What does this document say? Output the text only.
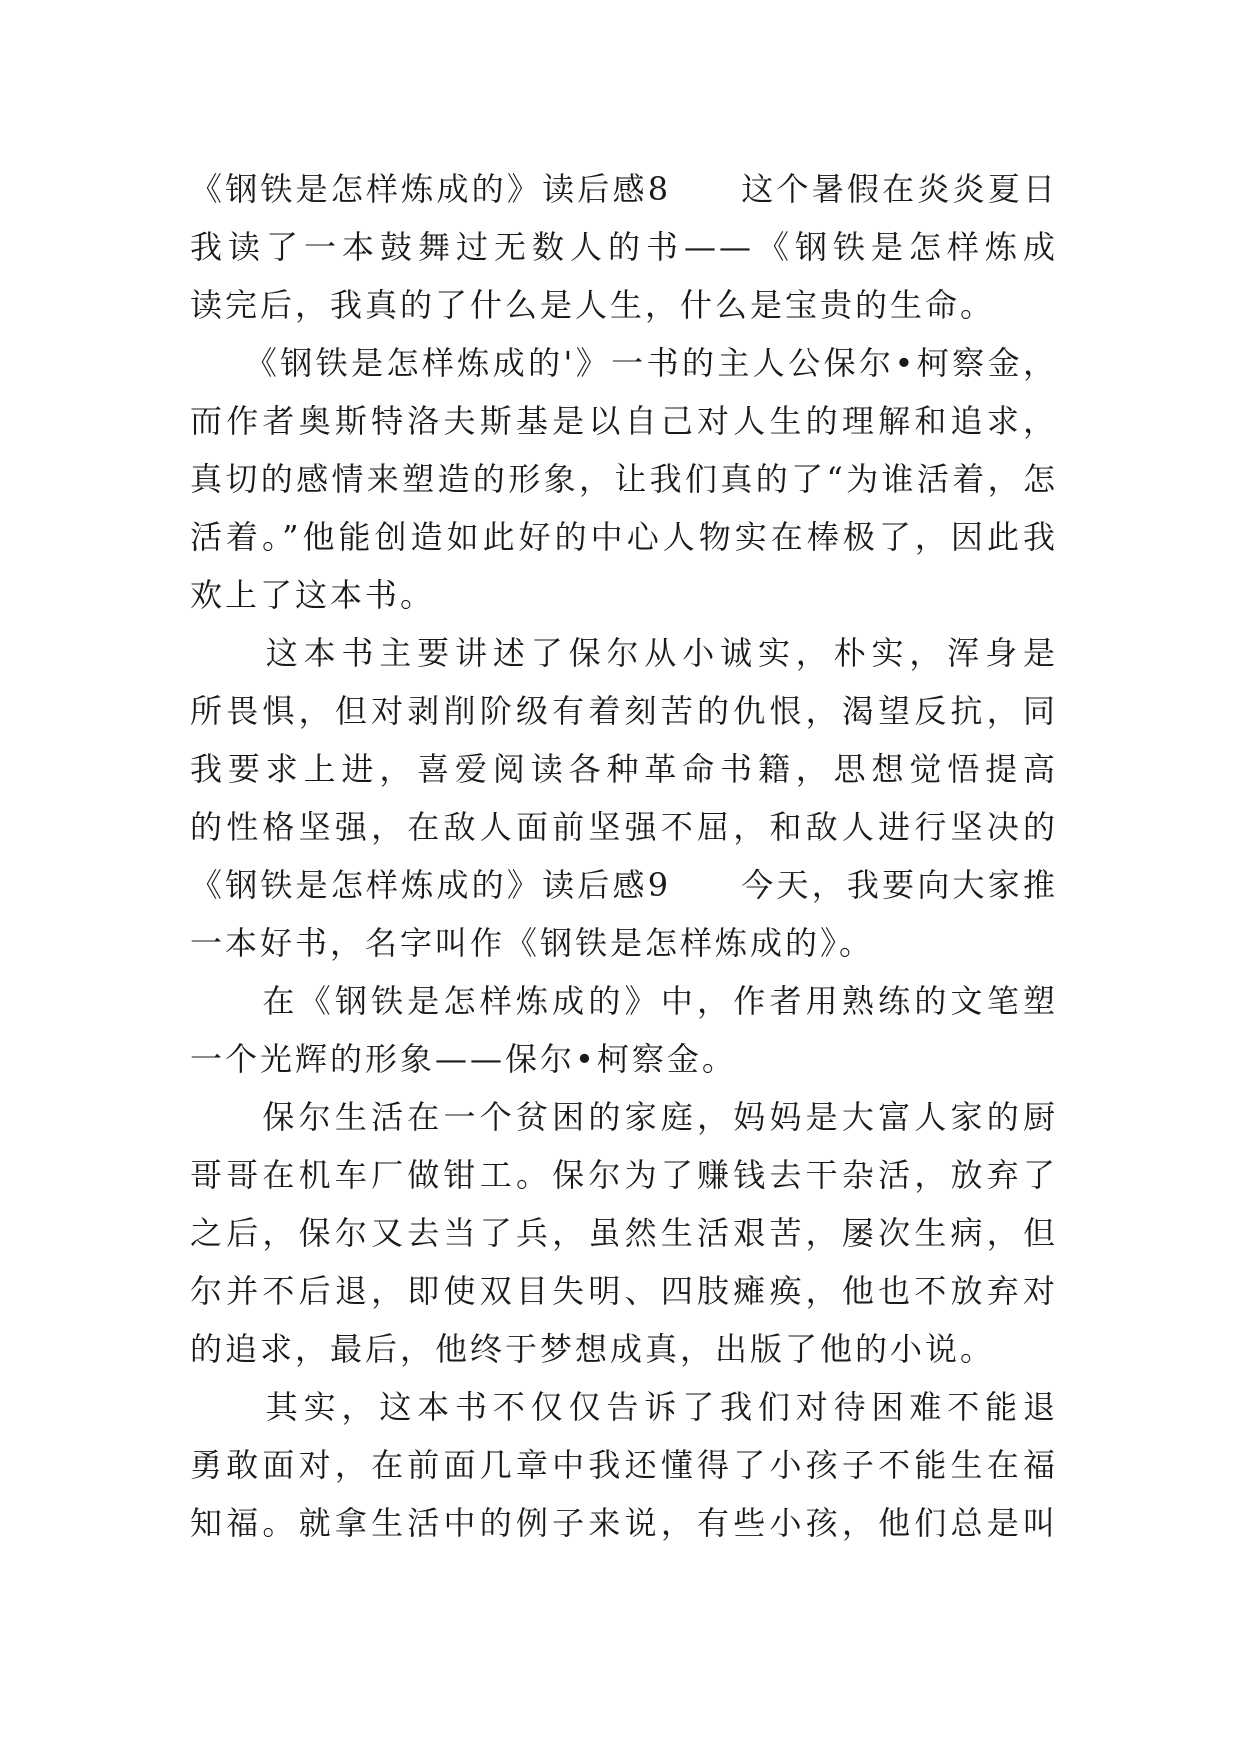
《钢铁是怎样炼成的》读后感8 这个暑假在炎炎夏日
我读了一本鼓舞过无数人的书——《钢铁是怎样炼成
读完后，我真的了什么是人生，什么是宝贵的生命。
　　《钢铁是怎样炼成的'》一书的主人公保尔•柯察金，
而作者奥斯特洛夫斯基是以自己对人生的理解和追求，
真切的感情来塑造的形象，让我们真的了“为谁活着，怎
活着。”他能创造如此好的中心人物实在棒极了，因此我
欢上了这本书。
　　这本书主要讲述了保尔从小诚实，朴实，浑身是
所畏惧，但对剥削阶级有着刻苦的仇恨，渴望反抗，同
我要求上进，喜爱阅读各种革命书籍，思想觉悟提高
的性格坚强，在敌人面前坚强不屈，和敌人进行坚决的
《钢铁是怎样炼成的》读后感9 今天，我要向大家推
一本好书，名字叫作《钢铁是怎样炼成的》。
　　在《钢铁是怎样炼成的》中，作者用熟练的文笔塑
一个光辉的形象——保尔•柯察金。
　　保尔生活在一个贫困的家庭，妈妈是大富人家的厨
哥哥在机车厂做钳工。保尔为了赚钱去干杂活，放弃了
之后，保尔又去当了兵，虽然生活艰苦，屡次生病，但
尔并不后退，即使双目失明、四肢瘫痪，他也不放弃对
的追求，最后，他终于梦想成真，出版了他的小说。
　　其实，这本书不仅仅告诉了我们对待困难不能退
勇敢面对，在前面几章中我还懂得了小孩子不能生在福
知福。就拿生活中的例子来说，有些小孩，他们总是叫
